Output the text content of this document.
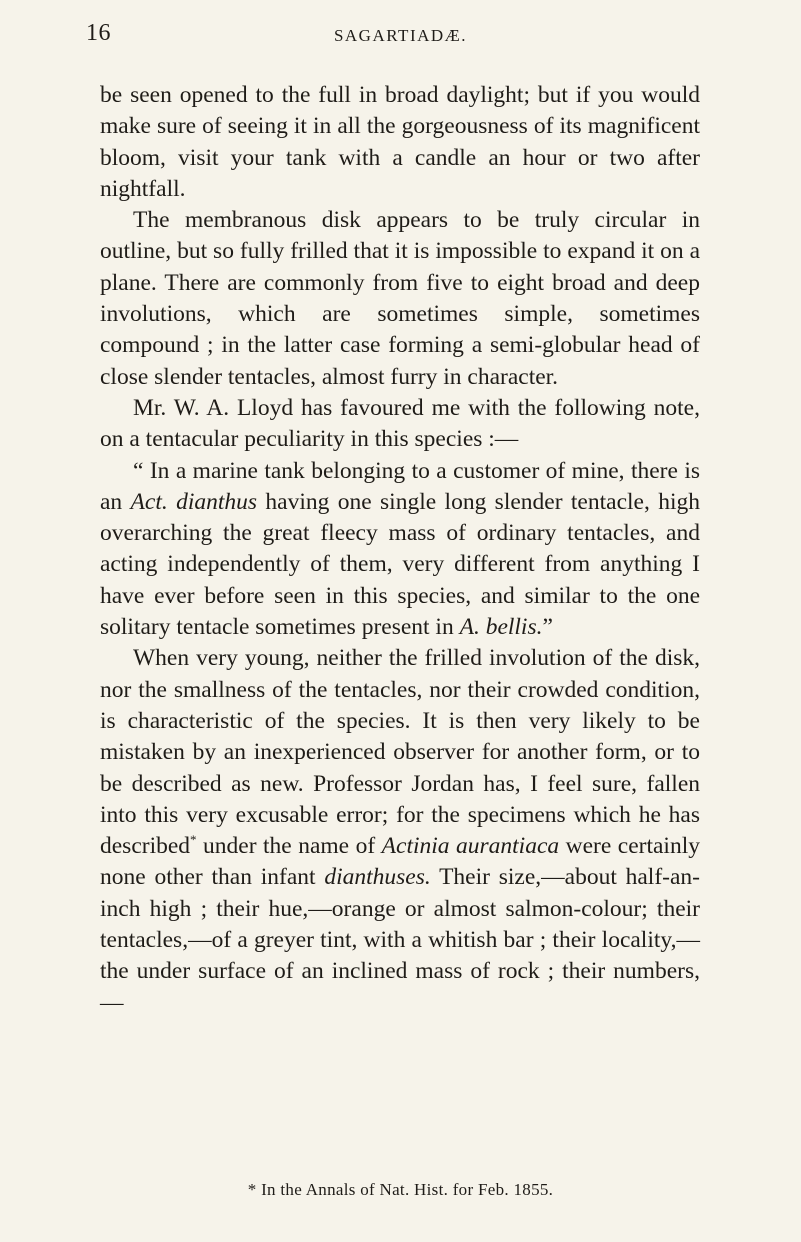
16	SAGARTIADÆ.

be seen opened to the full in broad daylight; but if you would make sure of seeing it in all the gorgeousness of its magnificent bloom, visit your tank with a candle an hour or two after nightfall.

The membranous disk appears to be truly circular in outline, but so fully frilled that it is impossible to expand it on a plane. There are commonly from five to eight broad and deep involutions, which are sometimes simple, sometimes compound ; in the latter case forming a semi-globular head of close slender tentacles, almost furry in character.

Mr. W. A. Lloyd has favoured me with the following note, on a tentacular peculiarity in this species :—

“ In a marine tank belonging to a customer of mine, there is an Act. dianthus having one single long slender tentacle, high overarching the great fleecy mass of ordinary tentacles, and acting independently of them, very different from anything I have ever before seen in this species, and similar to the one solitary tentacle sometimes present in A. bellis.”

When very young, neither the frilled involution of the disk, nor the smallness of the tentacles, nor their crowded condition, is characteristic of the species. It is then very likely to be mistaken by an inexperienced observer for another form, or to be described as new. Professor Jordan has, I feel sure, fallen into this very excusable error; for the specimens which he has described* under the name of Actinia aurantiaca were certainly none other than infant dianthuses. Their size,—about half-an-inch high ; their hue,—orange or almost salmon-colour; their tentacles,—of a greyer tint, with a whitish bar ; their locality,—the under surface of an inclined mass of rock ; their numbers,—

* In the Annals of Nat. Hist. for Feb. 1855.
